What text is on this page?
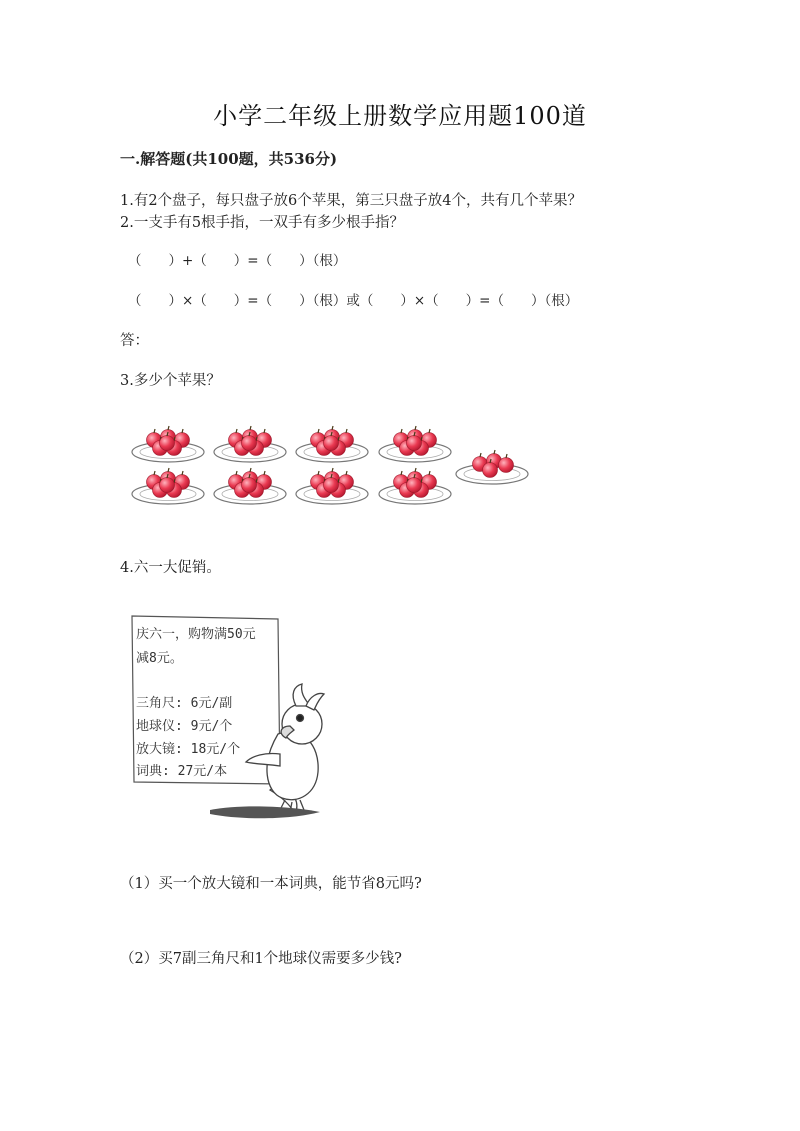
小学二年级上册数学应用题100道
一.解答题(共100题，共536分)
1.有2个盘子，每只盘子放6个苹果，第三只盘子放4个，共有几个苹果？
2.一支手有5根手指，一双手有多少根手指？
（　　）+（　　）=（　　）（根）
（　　）×（　　）=（　　）（根）或（　　）×（　　）=（　　）（根）
答：
3.多少个苹果？
4.六一大促销。
庆六一，购物满50元
减8元。
三角尺: 6元/副
地球仪: 9元/个
放大镜: 18元/个
词典: 27元/本
（1）买一个放大镜和一本词典，能节省8元吗?
（2）买7副三角尺和1个地球仪需要多少钱?
